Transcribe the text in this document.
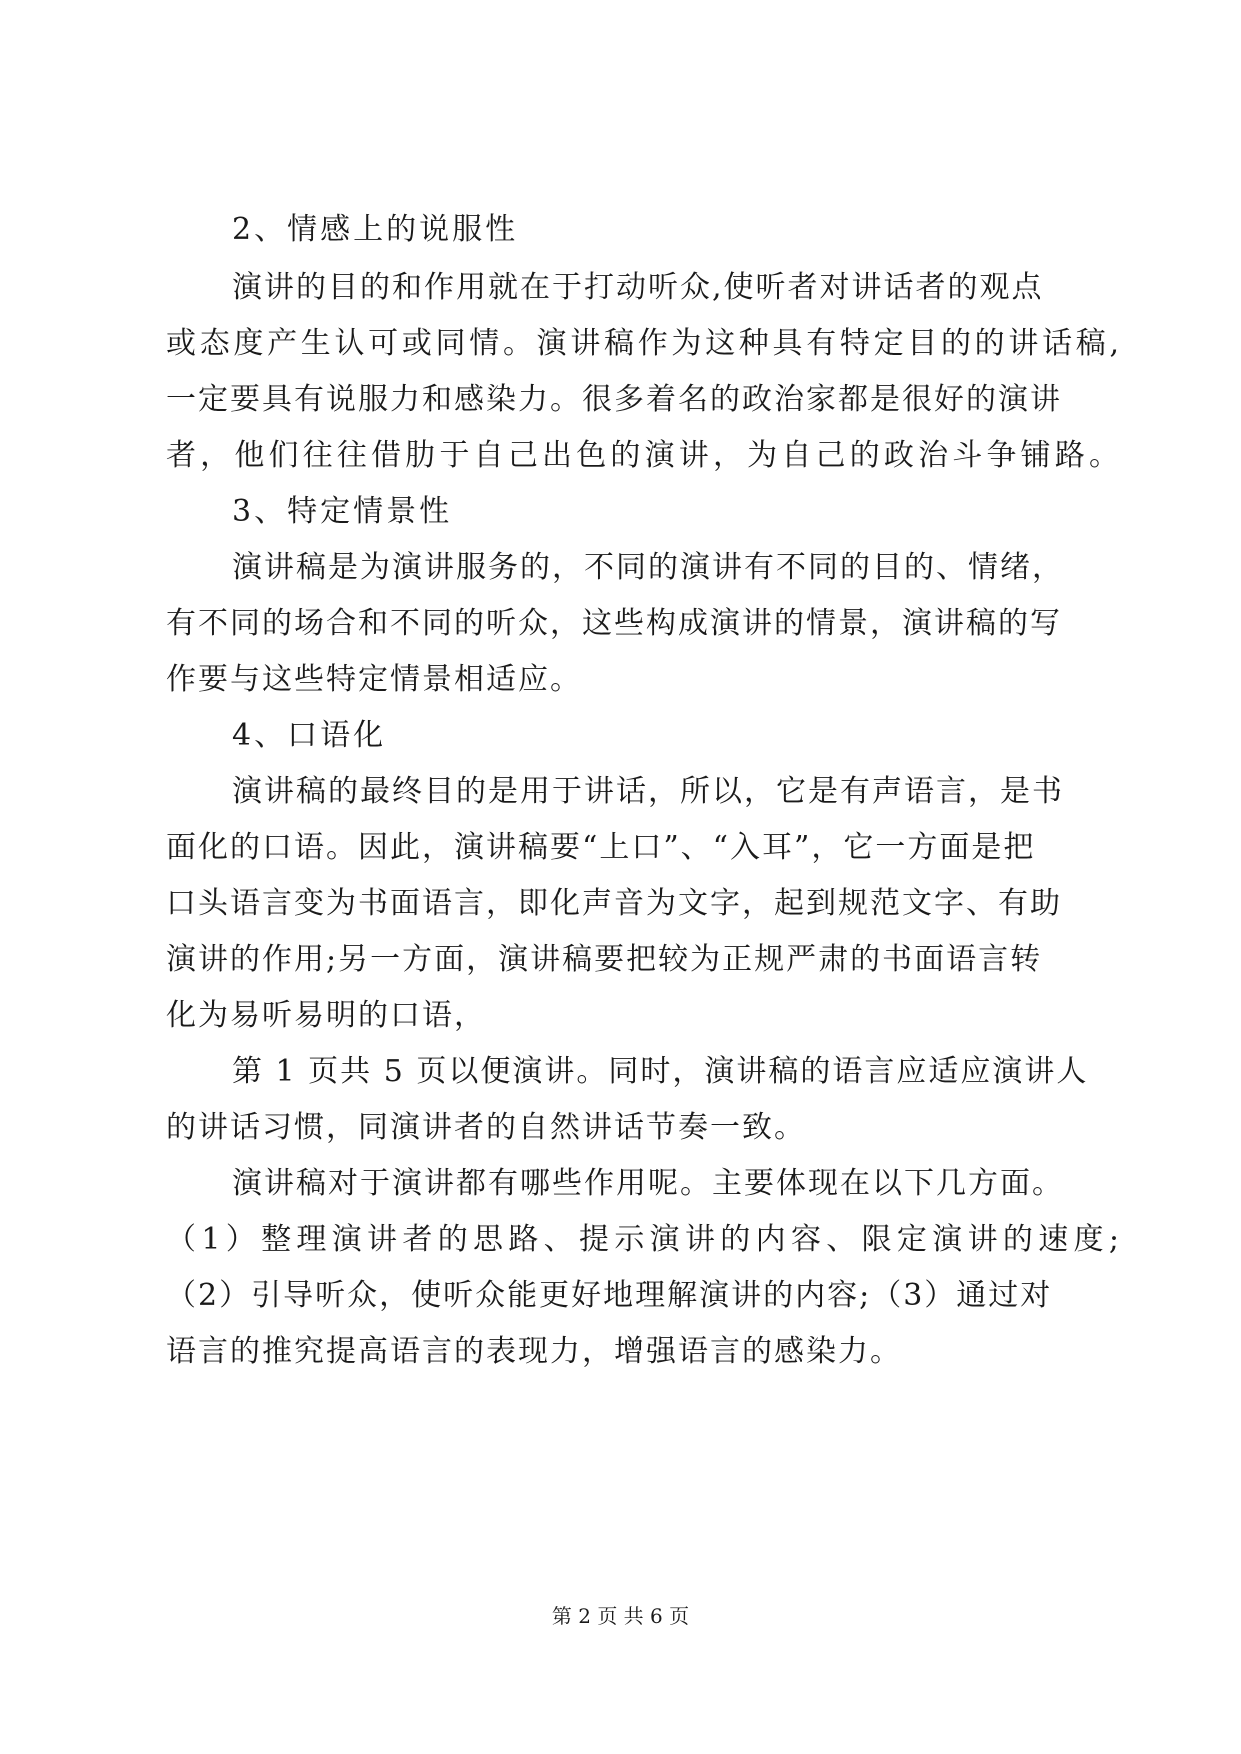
2、情感上的说服性
演讲的目的和作用就在于打动听众,使听者对讲话者的观点
或态度产生认可或同情。演讲稿作为这种具有特定目的的讲话稿,
一定要具有说服力和感染力。很多着名的政治家都是很好的演讲
者，他们往往借肋于自己出色的演讲，为自己的政治斗争铺路。
3、特定情景性
演讲稿是为演讲服务的，不同的演讲有不同的目的、情绪，
有不同的场合和不同的听众，这些构成演讲的情景，演讲稿的写
作要与这些特定情景相适应。
4、口语化
演讲稿的最终目的是用于讲话，所以，它是有声语言，是书
面化的口语。因此，演讲稿要“上口”、“入耳”，它一方面是把
口头语言变为书面语言，即化声音为文字，起到规范文字、有助
演讲的作用;另一方面，演讲稿要把较为正规严肃的书面语言转
化为易听易明的口语，
第 1 页共 5 页以便演讲。同时，演讲稿的语言应适应演讲人
的讲话习惯，同演讲者的自然讲话节奏一致。
演讲稿对于演讲都有哪些作用呢。主要体现在以下几方面。
（1）整理演讲者的思路、提示演讲的内容、限定演讲的速度;
（2）引导听众，使听众能更好地理解演讲的内容;（3）通过对
语言的推究提高语言的表现力，增强语言的感染力。
第 2 页 共 6 页
